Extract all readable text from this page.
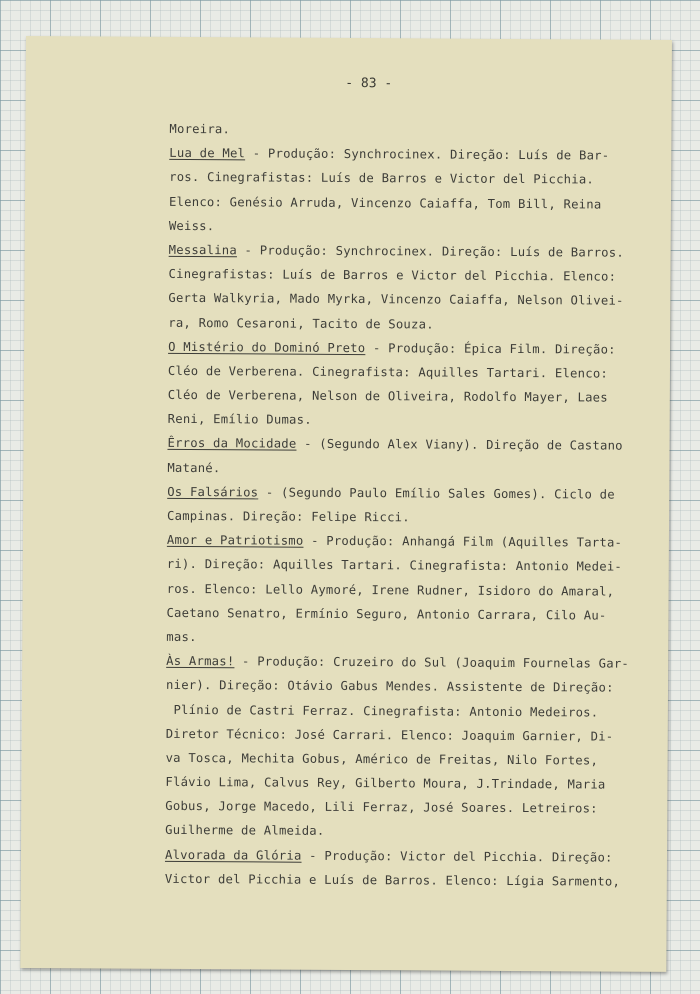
- 83 -
Moreira.
Lua de Mel - Produção: Synchrocinex. Direção: Luís de Bar-
ros. Cinegrafistas: Luís de Barros e Victor del Picchia.
Elenco: Genésio Arruda, Vincenzo Caiaffa, Tom Bill, Reina
Weiss.
Messalina - Produção: Synchrocinex. Direção: Luís de Barros.
Cinegrafistas: Luís de Barros e Victor del Picchia. Elenco:
Gerta Walkyria, Mado Myrka, Vincenzo Caiaffa, Nelson Olivei-
ra, Romo Cesaroni, Tacito de Souza.
O Mistério do Dominó Preto - Produção: Épica Film. Direção:
Cléo de Verberena. Cinegrafista: Aquilles Tartari. Elenco:
Cléo de Verberena, Nelson de Oliveira, Rodolfo Mayer, Laes
Reni, Emílio Dumas.
Êrros da Mocidade - (Segundo Alex Viany). Direção de Castano
Matané.
Os Falsários - (Segundo Paulo Emílio Sales Gomes). Ciclo de
Campinas. Direção: Felipe Ricci.
Amor e Patriotismo - Produção: Anhangá Film (Aquilles Tarta-
ri). Direção: Aquilles Tartari. Cinegrafista: Antonio Medei-
ros. Elenco: Lello Aymoré, Irene Rudner, Isidoro do Amaral,
Caetano Senatro, Ermínio Seguro, Antonio Carrara, Cilo Au-
mas.
Às Armas! - Produção: Cruzeiro do Sul (Joaquim Fournelas Gar-
nier). Direção: Otávio Gabus Mendes. Assistente de Direção:
Plínio de Castri Ferraz. Cinegrafista: Antonio Medeiros.
Diretor Técnico: José Carrari. Elenco: Joaquim Garnier, Di-
va Tosca, Mechita Gobus, Américo de Freitas, Nilo Fortes,
Flávio Lima, Calvus Rey, Gilberto Moura, J.Trindade, Maria
Gobus, Jorge Macedo, Lili Ferraz, José Soares. Letreiros:
Guilherme de Almeida.
Alvorada da Glória - Produção: Victor del Picchia. Direção:
Victor del Picchia e Luís de Barros. Elenco: Lígia Sarmento,
